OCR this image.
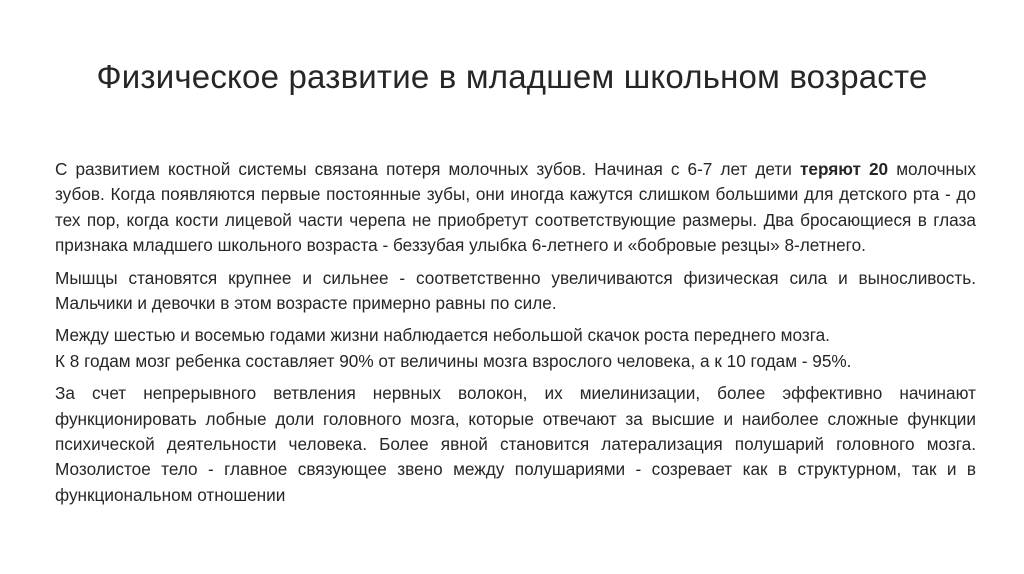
Физическое развитие в младшем школьном возрасте

С развитием костной системы связана потеря молочных зубов. Начиная с 6-7 лет дети теряют 20 молочных зубов. Когда появляются первые постоянные зубы, они иногда кажутся слишком большими для детского рта - до тех пор, когда кости лицевой части черепа не приобретут соответствующие размеры. Два бросающиеся в глаза признака младшего школьного возраста - беззубая улыбка 6-летнего и «бобровые резцы» 8-летнего.

Мышцы становятся крупнее и сильнее - соответственно увеличиваются физическая сила и выносливость. Мальчики и девочки в этом возрасте примерно равны по силе.

Между шестью и восемью годами жизни наблюдается небольшой скачок роста переднего мозга.
К 8 годам мозг ребенка составляет 90% от величины мозга взрослого человека, а к 10 годам - 95%.

За счет непрерывного ветвления нервных волокон, их миелинизации, более эффективно начинают функционировать лобные доли головного мозга, которые отвечают за высшие и наиболее сложные функции психической деятельности человека. Более явной становится латерализация полушарий головного мозга. Мозолистое тело - главное связующее звено между полушариями - созревает как в структурном, так и в функциональном отношении
